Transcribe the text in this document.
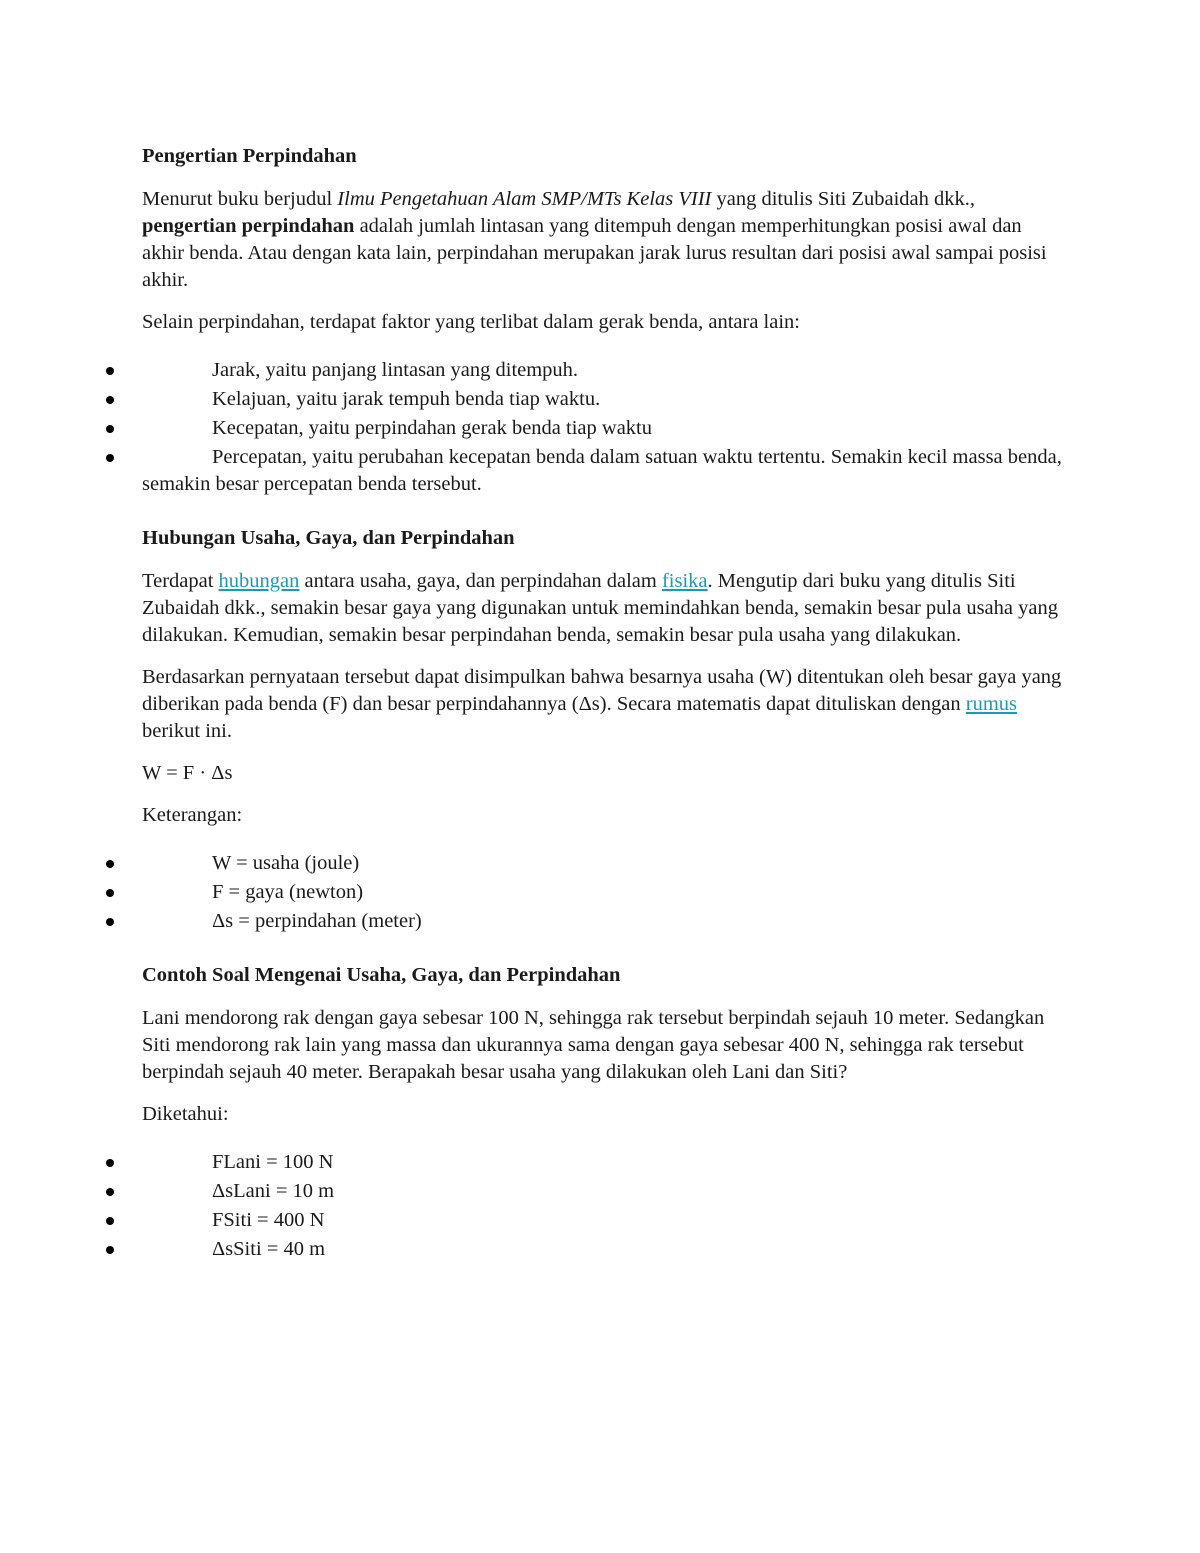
Pengertian Perpindahan

Menurut buku berjudul Ilmu Pengetahuan Alam SMP/MTs Kelas VIII yang ditulis Siti Zubaidah dkk., pengertian perpindahan adalah jumlah lintasan yang ditempuh dengan memperhitungkan posisi awal dan akhir benda. Atau dengan kata lain, perpindahan merupakan jarak lurus resultan dari posisi awal sampai posisi akhir.

Selain perpindahan, terdapat faktor yang terlibat dalam gerak benda, antara lain:

Jarak, yaitu panjang lintasan yang ditempuh.
Kelajuan, yaitu jarak tempuh benda tiap waktu.
Kecepatan, yaitu perpindahan gerak benda tiap waktu
Percepatan, yaitu perubahan kecepatan benda dalam satuan waktu tertentu. Semakin kecil massa benda, semakin besar percepatan benda tersebut.
Hubungan Usaha, Gaya, dan Perpindahan

Terdapat hubungan antara usaha, gaya, dan perpindahan dalam fisika. Mengutip dari buku yang ditulis Siti Zubaidah dkk., semakin besar gaya yang digunakan untuk memindahkan benda, semakin besar pula usaha yang dilakukan. Kemudian, semakin besar perpindahan benda, semakin besar pula usaha yang dilakukan.

Berdasarkan pernyataan tersebut dapat disimpulkan bahwa besarnya usaha (W) ditentukan oleh besar gaya yang diberikan pada benda (F) dan besar perpindahannya (Δs). Secara matematis dapat dituliskan dengan rumus berikut ini.

W = F · Δs

Keterangan:

W = usaha (joule)
F = gaya (newton)
Δs = perpindahan (meter)
Contoh Soal Mengenai Usaha, Gaya, dan Perpindahan

Lani mendorong rak dengan gaya sebesar 100 N, sehingga rak tersebut berpindah sejauh 10 meter. Sedangkan Siti mendorong rak lain yang massa dan ukurannya sama dengan gaya sebesar 400 N, sehingga rak tersebut berpindah sejauh 40 meter. Berapakah besar usaha yang dilakukan oleh Lani dan Siti?

Diketahui:

FLani = 100 N
ΔsLani = 10 m
FSiti = 400 N
ΔsSiti = 40 m
